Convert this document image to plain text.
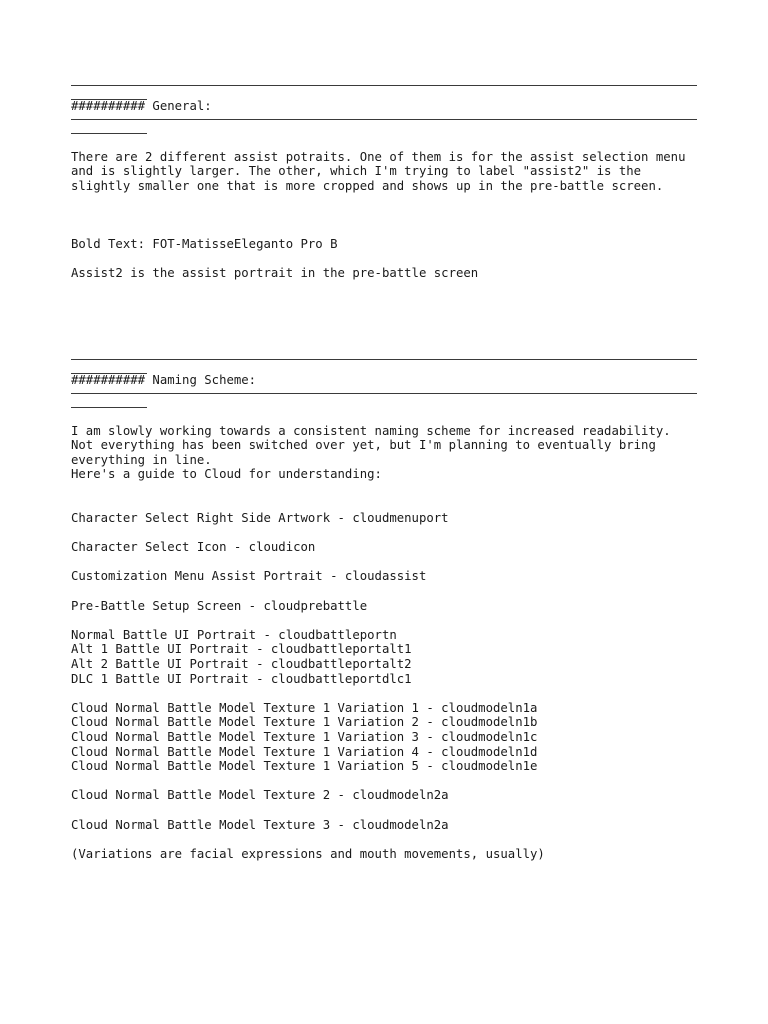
########## General:
There are 2 different assist potraits. One of them is for the assist selection menu
and is slightly larger. The other, which I'm trying to label "assist2" is the
slightly smaller one that is more cropped and shows up in the pre-battle screen.
Bold Text: FOT-MatisseEleganto Pro B
Assist2 is the assist portrait in the pre-battle screen
########## Naming Scheme:
I am slowly working towards a consistent naming scheme for increased readability.
Not everything has been switched over yet, but I'm planning to eventually bring
everything in line.
Here's a guide to Cloud for understanding:
Character Select Right Side Artwork - cloudmenuport
Character Select Icon - cloudicon
Customization Menu Assist Portrait - cloudassist
Pre-Battle Setup Screen - cloudprebattle
Normal Battle UI Portrait - cloudbattleportn
Alt 1 Battle UI Portrait - cloudbattleportalt1
Alt 2 Battle UI Portrait - cloudbattleportalt2
DLC 1 Battle UI Portrait - cloudbattleportdlc1
Cloud Normal Battle Model Texture 1 Variation 1 - cloudmodeln1a
Cloud Normal Battle Model Texture 1 Variation 2 - cloudmodeln1b
Cloud Normal Battle Model Texture 1 Variation 3 - cloudmodeln1c
Cloud Normal Battle Model Texture 1 Variation 4 - cloudmodeln1d
Cloud Normal Battle Model Texture 1 Variation 5 - cloudmodeln1e
Cloud Normal Battle Model Texture 2 - cloudmodeln2a
Cloud Normal Battle Model Texture 3 - cloudmodeln2a
(Variations are facial expressions and mouth movements, usually)
